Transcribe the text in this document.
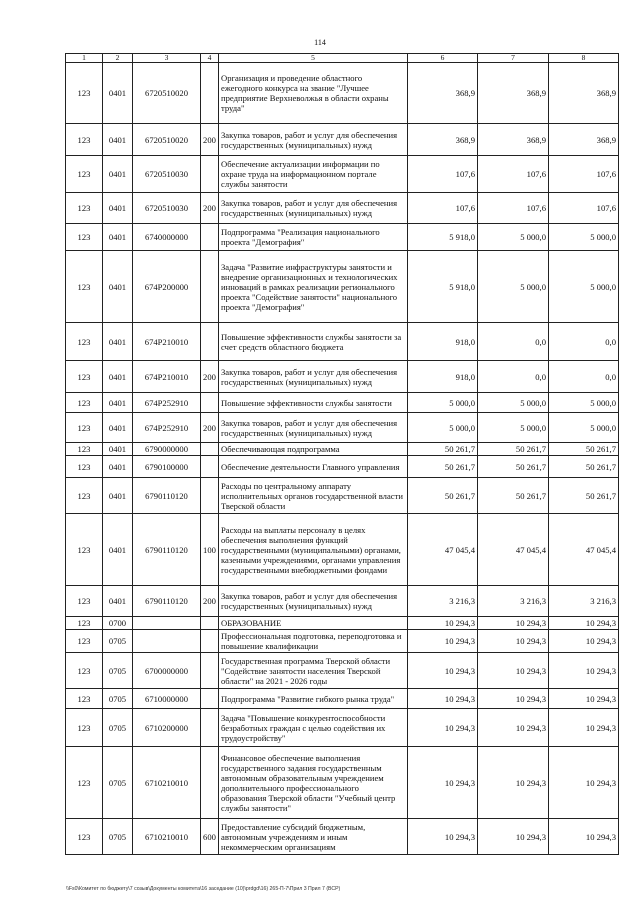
114
1	2	3	4	5	6	7	8
123	0401	6720510020		Организация и проведение областного ежегодного конкурса на звание "Лучшее предприятие Верхневолжья в области охраны труда"	368,9	368,9	368,9
123	0401	6720510020	200	Закупка товаров, работ и услуг для обеспечения государственных (муниципальных) нужд	368,9	368,9	368,9
123	0401	6720510030		Обеспечение актуализации информации по охране труда на информационном портале службы занятости	107,6	107,6	107,6
123	0401	6720510030	200	Закупка товаров, работ и услуг для обеспечения государственных (муниципальных) нужд	107,6	107,6	107,6
123	0401	6740000000		Подпрограмма "Реализация национального проекта "Демография"	5 918,0	5 000,0	5 000,0
123	0401	674P200000		Задача "Развитие инфраструктуры занятости и внедрение организационных и технологических инноваций в рамках реализации регионального проекта "Содействие занятости" национального проекта "Демография"	5 918,0	5 000,0	5 000,0
123	0401	674P210010		Повышение эффективности службы занятости за счет средств областного бюджета	918,0	0,0	0,0
123	0401	674P210010	200	Закупка товаров, работ и услуг для обеспечения государственных (муниципальных) нужд	918,0	0,0	0,0
123	0401	674P252910		Повышение эффективности службы занятости	5 000,0	5 000,0	5 000,0
123	0401	674P252910	200	Закупка товаров, работ и услуг для обеспечения государственных (муниципальных) нужд	5 000,0	5 000,0	5 000,0
123	0401	6790000000		Обеспечивающая подпрограмма	50 261,7	50 261,7	50 261,7
123	0401	6790100000		Обеспечение деятельности Главного управления	50 261,7	50 261,7	50 261,7
123	0401	6790110120		Расходы по центральному аппарату исполнительных органов государственной власти Тверской области	50 261,7	50 261,7	50 261,7
123	0401	6790110120	100	Расходы на выплаты персоналу в целях обеспечения выполнения функций государственными (муниципальными) органами, казенными учреждениями, органами управления государственными внебюджетными фондами	47 045,4	47 045,4	47 045,4
123	0401	6790110120	200	Закупка товаров, работ и услуг для обеспечения государственных (муниципальных) нужд	3 216,3	3 216,3	3 216,3
123	0700			ОБРАЗОВАНИЕ	10 294,3	10 294,3	10 294,3
123	0705			Профессиональная подготовка, переподготовка и повышение квалификации	10 294,3	10 294,3	10 294,3
123	0705	6700000000		Государственная программа Тверской области "Содействие занятости населения Тверской области" на 2021 - 2026 годы	10 294,3	10 294,3	10 294,3
123	0705	6710000000		Подпрограмма "Развитие гибкого рынка труда"	10 294,3	10 294,3	10 294,3
123	0705	6710200000		Задача "Повышение конкурентоспособности безработных граждан с целью содействия их трудоустройству"	10 294,3	10 294,3	10 294,3
123	0705	6710210010		Финансовое обеспечение выполнения государственного задания государственным автономным образовательным учреждением дополнительного профессионального образования Тверской области "Учебный центр службы занятости"	10 294,3	10 294,3	10 294,3
123	0705	6710210010	600	Предоставление субсидий бюджетным, автономным учреждениям и иным некоммерческим организациям	10 294,3	10 294,3	10 294,3
\\Fs0\Комитет по бюджету\7 созыв\Документы комитета\16 заседание (10)\prdgd\16) 265-П-7\Прил 3 Прил 7 (ВСР)
